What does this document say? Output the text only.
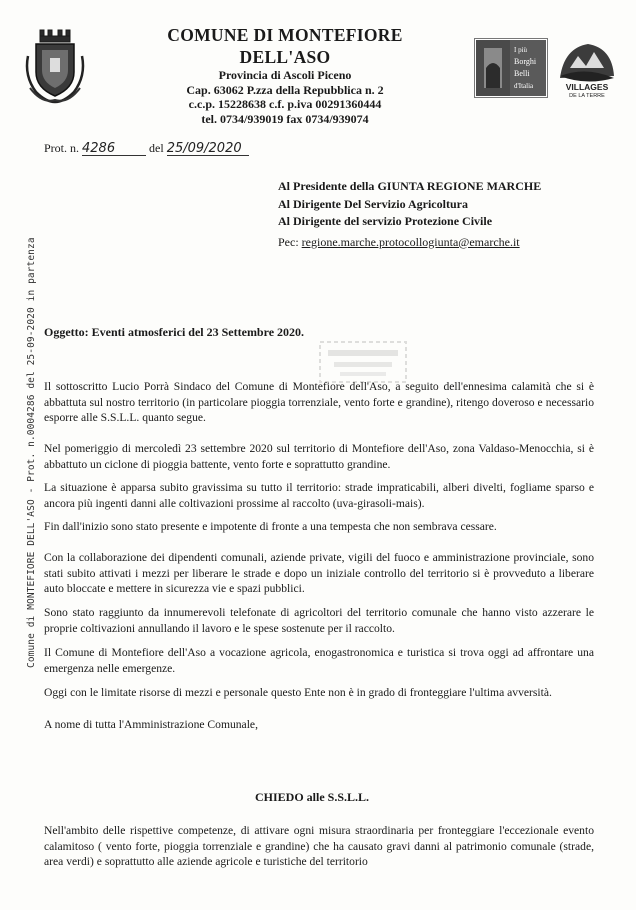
COMUNE DI MONTEFIORE DELL'ASO
Provincia di Ascoli Piceno
Cap. 63062 P.zza della Repubblica n. 2
c.c.p. 15228638 c.f. p.iva 00291360444
tel. 0734/939019 fax 0734/939074
I più
Borghi
Belli
d'Italia	VILLAGES
DE LA TERRE
Comune di MONTEFIORE DELL'ASO - Prot. n.0004286 del 25-09-2020 in partenza
Prot. n. 4286	del 25/09/2020
Al Presidente della GIUNTA REGIONE MARCHE
Al Dirigente Del Servizio Agricoltura
Al Dirigente del servizio Protezione Civile
Pec: regione.marche.protocollogiunta@emarche.it
Oggetto: Eventi atmosferici del 23 Settembre 2020.
Il sottoscritto Lucio Porrà Sindaco del Comune di Montefiore dell'Aso, a seguito dell'ennesima calamità che si è abbattuta sul nostro territorio (in particolare pioggia torrenziale, vento forte e grandine), ritengo doveroso e necessario esporre alle S.S.L.L. quanto segue.
Nel pomeriggio di mercoledì 23 settembre 2020 sul territorio di Montefiore dell'Aso, zona Valdaso-Menocchia, si è abbattuto un ciclone di pioggia battente, vento forte e soprattutto grandine.
La situazione è apparsa subito gravissima su tutto il territorio: strade impraticabili, alberi divelti, fogliame sparso e ancora più ingenti danni alle coltivazioni prossime al raccolto (uva-girasoli-mais).
Fin dall'inizio sono stato presente e impotente di fronte a una tempesta che non sembrava cessare.
Con la collaborazione dei dipendenti comunali, aziende private, vigili del fuoco e amministrazione provinciale, sono stati subito attivati i mezzi per liberare le strade e dopo un iniziale controllo del territorio si è provveduto a liberare auto bloccate e mettere in sicurezza vie e spazi pubblici.
Sono stato raggiunto da innumerevoli telefonate di agricoltori del territorio comunale che hanno visto azzerare le proprie coltivazioni annullando il lavoro e le spese sostenute per il raccolto.
Il Comune di Montefiore dell'Aso a vocazione agricola, enogastronomica e turistica si trova oggi ad affrontare una emergenza nelle emergenze.
Oggi con le limitate risorse di mezzi e personale questo Ente non è in grado di fronteggiare l'ultima avversità.
A nome di tutta l'Amministrazione Comunale,
CHIEDO alle S.S.L.L.
Nell'ambito delle rispettive competenze, di attivare ogni misura straordinaria per fronteggiare l'eccezionale evento calamitoso ( vento forte, pioggia torrenziale e grandine) che ha causato gravi danni al patrimonio comunale (strade, area verdi) e soprattutto alle aziende agricole e turistiche del territorio
